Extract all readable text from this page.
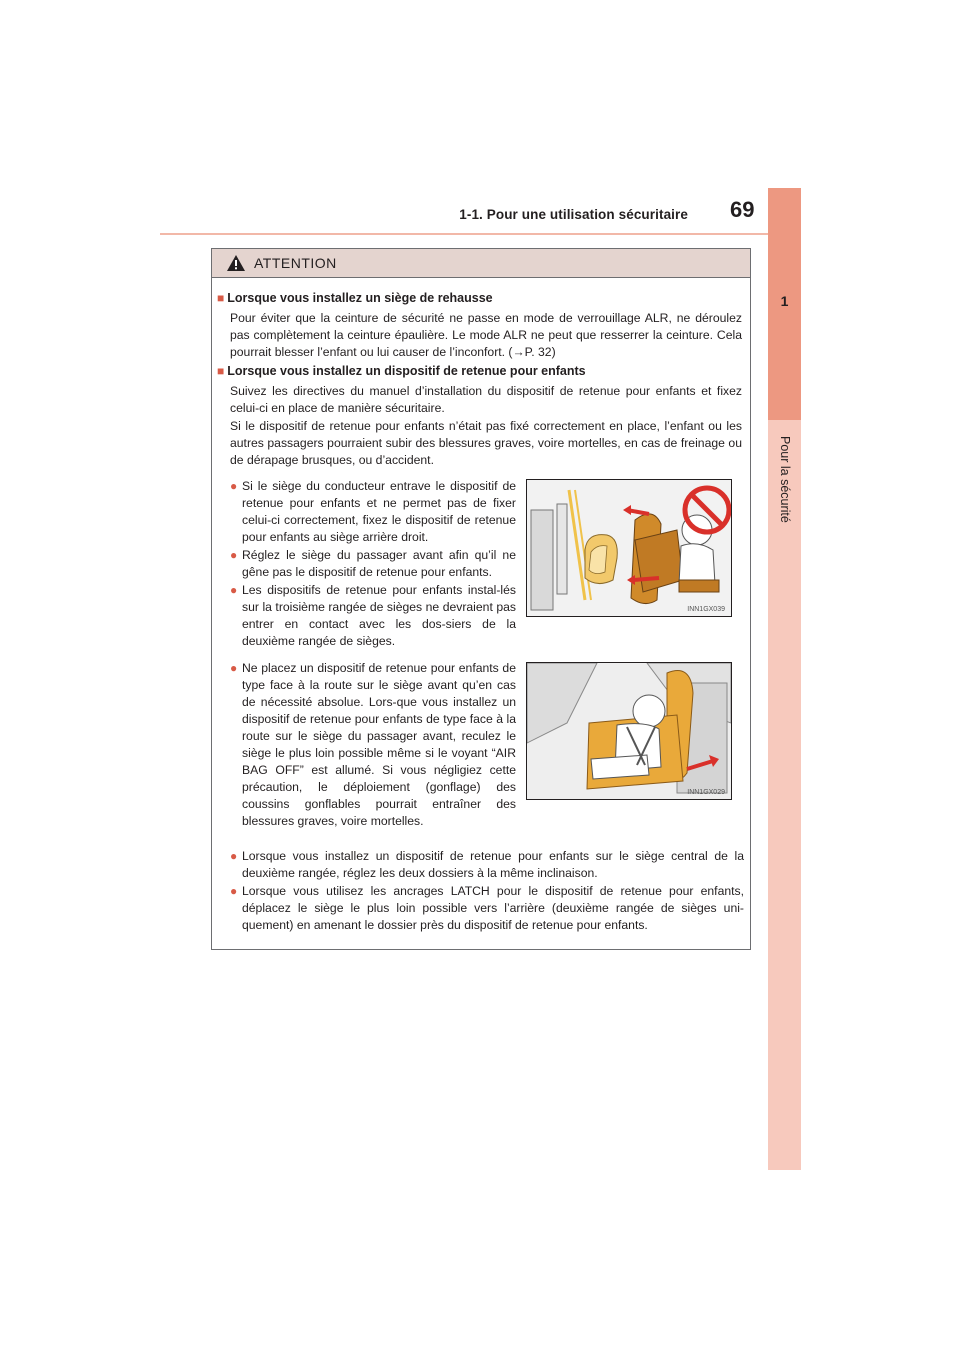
1-1. Pour une utilisation sécuritaire 69
1
Pour la sécurité
ATTENTION
■ Lorsque vous installez un siège de rehausse

Pour éviter que la ceinture de sécurité ne passe en mode de verrouillage ALR, ne déroulez pas complètement la ceinture épaulière. Le mode ALR ne peut que resserrer la ceinture. Cela pourrait blesser l’enfant ou lui causer de l’inconfort. (→P. 32)

■ Lorsque vous installez un dispositif de retenue pour enfants

Suivez les directives du manuel d’installation du dispositif de retenue pour enfants et fixez celui-ci en place de manière sécuritaire.

Si le dispositif de retenue pour enfants n’était pas fixé correctement en place, l’enfant ou les autres passagers pourraient subir des blessures graves, voire mortelles, en cas de freinage ou de dérapage brusques, ou d’accident.

● Si le siège du conducteur entrave le dispositif de retenue pour enfants et ne permet pas de fixer celui-ci correctement, fixez le dispositif de retenue pour enfants au siège arrière droit.

● Réglez le siège du passager avant afin qu’il ne gêne pas le dispositif de retenue pour enfants.

● Les dispositifs de retenue pour enfants instal-lés sur la troisième rangée de sièges ne devraient pas entrer en contact avec les dos-siers de la deuxième rangée de sièges.

● Ne placez un dispositif de retenue pour enfants de type face à la route sur le siège avant qu’en cas de nécessité absolue. Lors-que vous installez un dispositif de retenue pour enfants de type face à la route sur le siège du passager avant, reculez le siège le plus loin possible même si le voyant “AIR BAG OFF” est allumé. Si vous négligiez cette précaution, le déploiement (gonflage) des coussins gonflables pourrait entraîner des blessures graves, voire mortelles.

● Lorsque vous installez un dispositif de retenue pour enfants sur le siège central de la deuxième rangée, réglez les deux dossiers à la même inclinaison.

● Lorsque vous utilisez les ancrages LATCH pour le dispositif de retenue pour enfants, déplacez le siège le plus loin possible vers l’arrière (deuxième rangée de sièges uni-quement) en amenant le dossier près du dispositif de retenue pour enfants.

INN1GX039
INN1GX029
